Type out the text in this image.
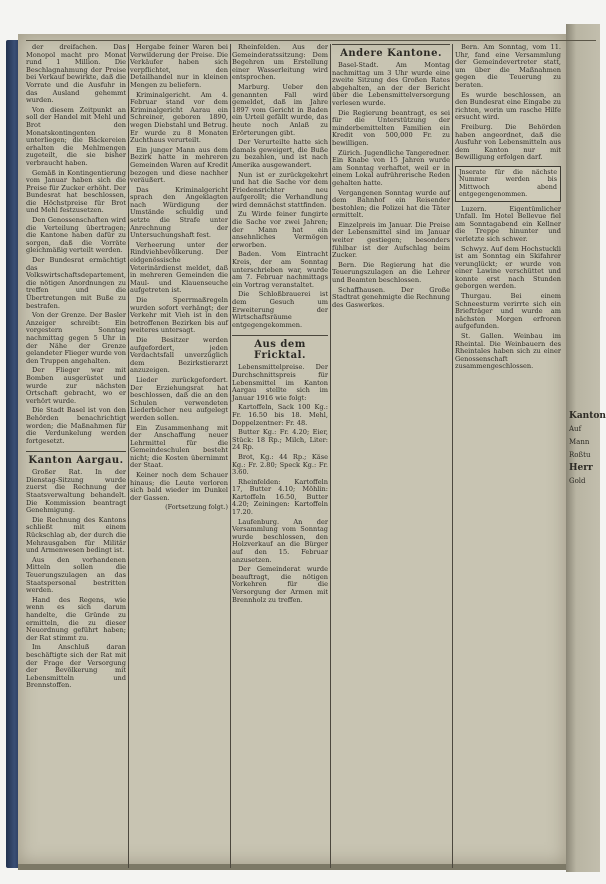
Kanton
Auf
Mann
Roßtu
Herr
Gold

der dreifachen. Das Monopol macht pro Monat rund 1 Million. Die Beschlagnahmung der Preise bei Verkauf bewirkte, daß die Vorrate und die Ausfuhr in das Ausland gehemmt wurden.

Von diesem Zeitpunkt an soll der Handel mit Mehl und Brot den Monatskontingenten unterliegen; die Bäckereien erhalten die Mehlmengen zugeteilt, die sie bisher verbraucht haben.

Gemäß in Kontingentierung vom Januar haben sich die Preise für Zucker erhöht. Der Bundesrat hat beschlossen, die Höchstpreise für Brot und Mehl festzusetzen.

Den Genossenschaften wird die Verteilung übertragen; die Kantone haben dafür zu sorgen, daß die Vorräte gleichmäßig verteilt werden.

Der Bundesrat ermächtigt das Volkswirtschaftsdepartement, die nötigen Anordnungen zu treffen und die Übertretungen mit Buße zu bestrafen.

Von der Grenze. Der Basler Anzeiger schreibt: Ein vorgestern Sonntag nachmittag gegen 5 Uhr in der Nähe der Grenze gelandeter Flieger wurde von den Truppen angehalten.

Der Flieger war mit Bomben ausgerüstet und wurde zur nächsten Ortschaft gebracht, wo er verhört wurde.

Die Stadt Basel ist von den Behörden benachrichtigt worden; die Maßnahmen für die Verdunkelung werden fortgesetzt.

Kanton Aargau.

Großer Rat. In der Dienstag-Sitzung wurde zuerst die Rechnung der Staatsverwaltung behandelt. Die Kommission beantragt Genehmigung.

Die Rechnung des Kantons schließt mit einem Rückschlag ab, der durch die Mehrausgaben für Militär und Armenwesen bedingt ist.

Aus den vorhandenen Mitteln sollen die Teuerungszulagen an das Staatspersonal bestritten werden.

Hand des Regens, wie wenn es sich darum handelte, die Gründe zu ermitteln, die zu dieser Neuordnung geführt haben; der Rat stimmt zu.

Im Anschluß daran beschäftigte sich der Rat mit der Frage der Versorgung der Bevölkerung mit Lebensmitteln und Brennstoffen.

Hergabe feiner Waren bei Verwilderung der Preise. Die Verkäufer haben sich verpflichtet, den Detailhandel nur in kleinen Mengen zu beliefern.

Kriminalgericht. Am 4. Februar stand vor dem Kriminalgericht Aarau ein Schreiner, geboren 1890, wegen Diebstahl und Betrug. Er wurde zu 8 Monaten Zuchthaus verurteilt.

Ein junger Mann aus dem Bezirk hatte in mehreren Gemeinden Waren auf Kredit bezogen und diese nachher veräußert.

Das Kriminalgericht sprach den Angeklagten nach Würdigung der Umstände schuldig und setzte die Strafe unter Anrechnung der Untersuchungshaft fest.

Verheerung unter der Rindviehbevölkerung. Der eidgenössische Veterinärdienst meldet, daß in mehreren Gemeinden die Maul- und Klauenseuche aufgetreten ist.

Die Sperrmaßregeln wurden sofort verhängt; der Verkehr mit Vieh ist in den betroffenen Bezirken bis auf weiteres untersagt.

Die Besitzer werden aufgefordert, jeden Verdachtsfall unverzüglich dem Bezirkstierarzt anzuzeigen.

Lieder zurückgefordert. Der Erziehungsrat hat beschlossen, daß die an den Schulen verwendeten Liederbücher neu aufgelegt werden sollen.

Ein Zusammenhang mit der Anschaffung neuer Lehrmittel für die Gemeindeschulen besteht nicht; die Kosten übernimmt der Staat.

Keiner noch dem Schauer hinaus; die Leute verloren sich bald wieder im Dunkel der Gassen.

(Fortsetzung folgt.)

Rheinfelden. Aus der Gemeinderatssitzung: Dem Begehren um Erstellung einer Wasserleitung wird entsprochen.

Marburg. Ueber den genannten Fall wird gemeldet, daß im Jahre 1897 vom Gericht in Baden ein Urteil gefällt wurde, das heute noch Anlaß zu Erörterungen gibt.

Der Verurteilte hatte sich damals geweigert, die Buße zu bezahlen, und ist nach Amerika ausgewandert.

Nun ist er zurückgekehrt und hat die Sache vor dem Friedensrichter neu aufgerollt; die Verhandlung wird demnächst stattfinden.

Zu Wirde feiner fungirte die Sache vor zwei Jahren; der Mann hat ein ansehnliches Vermögen erworben.

Baden. Vom Eintracht Kreis, der am Sonntag unterschrieben war, wurde am 7. Februar nachmittags ein Vortrag veranstaltet.

Die Schloßbrauerei ist dem Gesuch um Erweiterung der Wirtschaftsräume entgegengekommen.

Aus dem Fricktal.

Lebensmittelpreise. Der Durchschnittspreis für Lebensmittel im Kanton Aargau stellte sich im Januar 1916 wie folgt:

Kartoffeln, Sack 100 Kg.: Fr. 16.50 bis 18. Mehl, Doppelzentner: Fr. 48.

Butter Kg.: Fr. 4.20; Eier, Stück: 18 Rp.; Milch, Liter: 24 Rp.

Brot, Kg.: 44 Rp.; Käse Kg.: Fr. 2.80; Speck Kg.: Fr. 3.60.

Rheinfelden: Kartoffeln 17, Butter 4.10; Möhlin: Kartoffeln 16.50, Butter 4.20; Zeiningen: Kartoffeln 17.20.

Laufenburg. An der Versammlung vom Sonntag wurde beschlossen, den Holzverkauf an die Bürger auf den 15. Februar anzusetzen.

Der Gemeinderat wurde beauftragt, die nötigen Vorkehren für die Versorgung der Armen mit Brennholz zu treffen.

Andere Kantone.

Basel-Stadt. Am Montag nachmittag um 3 Uhr wurde eine zweite Sitzung des Großen Rates abgehalten, an der der Bericht über die Lebensmittelversorgung verlesen wurde.

Die Regierung beantragt, es sei für die Unterstützung der minderbemittelten Familien ein Kredit von 500,000 Fr. zu bewilligen.

Zürich. Jugendliche Tangeredner. Ein Knabe von 15 Jahren wurde am Sonntag verhaftet, weil er in einem Lokal aufrührerische Reden gehalten hatte.

Vergangenen Sonntag wurde auf dem Bahnhof ein Reisender bestohlen; die Polizei hat die Täter ermittelt.

Einzelpreis im Januar. Die Preise der Lebensmittel sind im Januar weiter gestiegen; besonders fühlbar ist der Aufschlag beim Zucker.

Bern. Die Regierung hat die Teuerungszulagen an die Lehrer und Beamten beschlossen.

Schaffhausen. Der Große Stadtrat genehmigte die Rechnung des Gaswerkes.

Bern. Am Sonntag, vom 11. Uhr, fand eine Versammlung der Gemeindevertreter statt, um über die Maßnahmen gegen die Teuerung zu beraten.

Es wurde beschlossen, an den Bundesrat eine Eingabe zu richten, worin um rasche Hilfe ersucht wird.

Freiburg. Die Behörden haben angeordnet, daß die Ausfuhr von Lebensmitteln aus dem Kanton nur mit Bewilligung erfolgen darf.

Jnserate für die nächste Nummer werden bis Mittwoch abend entgegengenommen.

Luzern. Eigentümlicher Unfall. Im Hotel Bellevue fiel am Sonntagabend ein Kellner die Treppe hinunter und verletzte sich schwer.

Schwyz. Auf dem Hochstuckli ist am Sonntag ein Skifahrer verunglückt; er wurde von einer Lawine verschüttet und konnte erst nach Stunden geborgen werden.

Thurgau. Bei einem Schneesturm verirrte sich ein Briefträger und wurde am nächsten Morgen erfroren aufgefunden.

St. Gallen. Weinbau im Rheintal. Die Weinbauern des Rheintales haben sich zu einer Genossenschaft zusammengeschlossen.
